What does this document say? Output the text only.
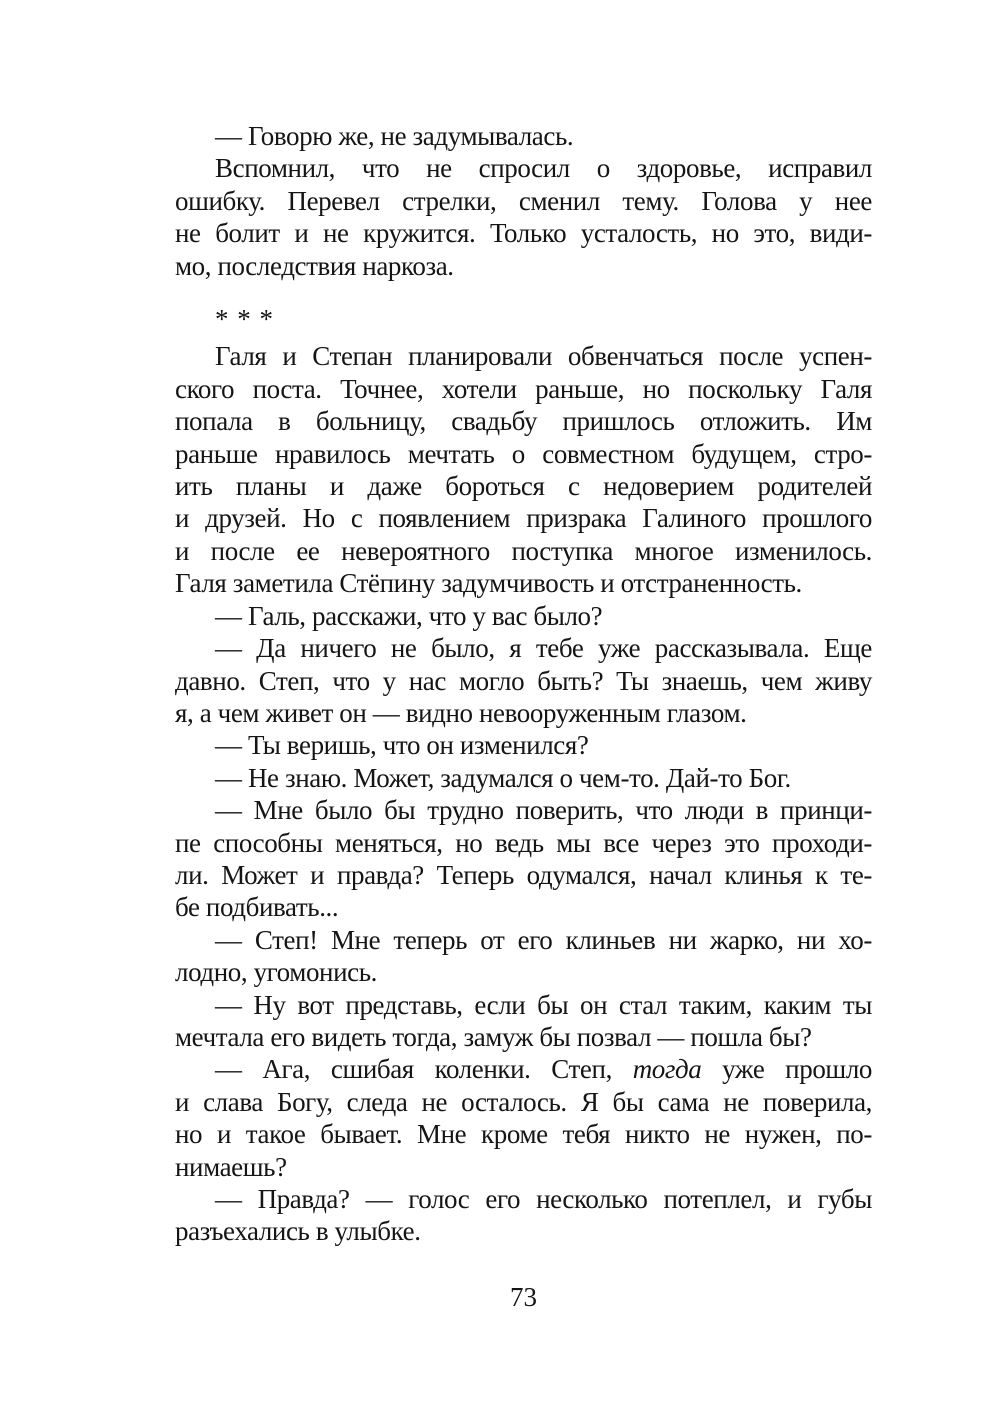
— Говорю же, не задумывалась.

Вспомнил, что не спросил о здоровье, исправил
ошибку. Перевел стрелки, сменил тему. Голова у нее
не болит и не кружится. Только усталость, но это, види-
мо, последствия наркоза.

* * *

Галя и Степан планировали обвенчаться после успен-
ского поста. Точнее, хотели раньше, но поскольку Галя
попала в больницу, свадьбу пришлось отложить. Им
раньше нравилось мечтать о совместном будущем, стро-
ить планы и даже бороться с недоверием родителей
и друзей. Но с появлением призрака Галиного прошлого
и после ее невероятного поступка многое изменилось.
Галя заметила Стёпину задумчивость и отстраненность.

— Галь, расскажи, что у вас было?

— Да ничего не было, я тебе уже рассказывала. Еще
давно. Степ, что у нас могло быть? Ты знаешь, чем живу
я, а чем живет он — видно невооруженным глазом.

— Ты веришь, что он изменился?

— Не знаю. Может, задумался о чем-то. Дай-то Бог.

— Мне было бы трудно поверить, что люди в принци-
пе способны меняться, но ведь мы все через это проходи-
ли. Может и правда? Теперь одумался, начал клинья к те-
бе подбивать...

— Степ! Мне теперь от его клиньев ни жарко, ни хо-
лодно, угомонись.

— Ну вот представь, если бы он стал таким, каким ты
мечтала его видеть тогда, замуж бы позвал — пошла бы?

— Ага, сшибая коленки. Степ, тогда уже прошло
и слава Богу, следа не осталось. Я бы сама не поверила,
но и такое бывает. Мне кроме тебя никто не нужен, по-
нимаешь?

— Правда? — голос его несколько потеплел, и губы
разъехались в улыбке.

73
